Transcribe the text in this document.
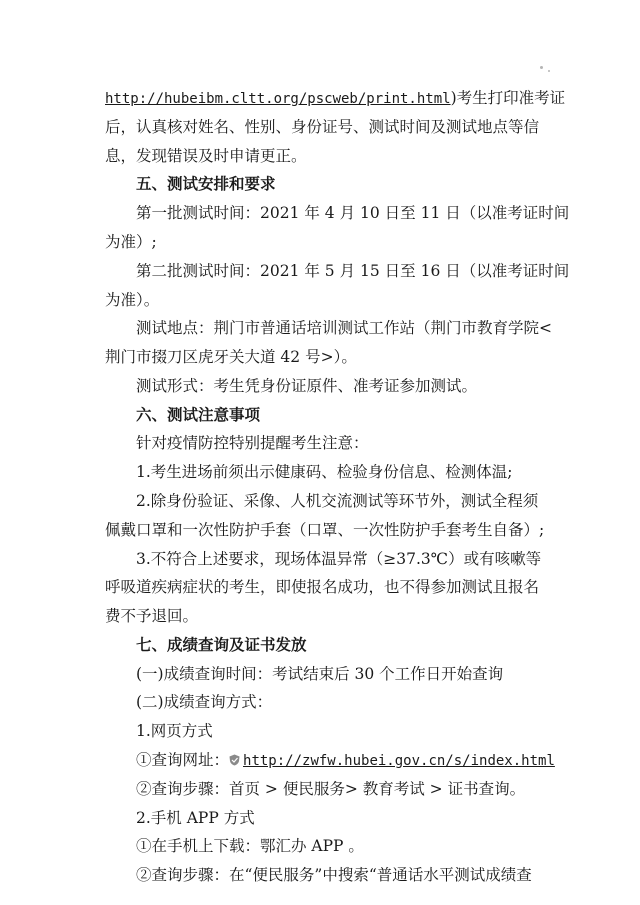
http://hubeibm.cltt.org/pscweb/print.html)考生打印准考证
后，认真核对姓名、性别、身份证号、测试时间及测试地点等信
息，发现错误及时申请更正。
五、测试安排和要求
第一批测试时间：2021 年 4 月 10 日至 11 日（以准考证时间
为准）;
第二批测试时间：2021 年 5 月 15 日至 16 日（以准考证时间
为准）。
测试地点：荆门市普通话培训测试工作站（荆门市教育学院<
荆门市掇刀区虎牙关大道 42 号>）。
测试形式：考生凭身份证原件、准考证参加测试。
六、测试注意事项
针对疫情防控特别提醒考生注意：
1.考生进场前须出示健康码、检验身份信息、检测体温;
2.除身份验证、采像、人机交流测试等环节外，测试全程须
佩戴口罩和一次性防护手套（口罩、一次性防护手套考生自备）;
3.不符合上述要求，现场体温异常（≥37.3℃）或有咳嗽等
呼吸道疾病症状的考生，即使报名成功，也不得参加测试且报名
费不予退回。
七、成绩查询及证书发放
(一)成绩查询时间：考试结束后 30 个工作日开始查询
(二)成绩查询方式：
1.网页方式
①查询网址： http://zwfw.hubei.gov.cn/s/index.html
②查询步骤：首页 > 便民服务> 教育考试 > 证书查询。
2.手机 APP 方式
①在手机上下载：鄂汇办 APP 。
②查询步骤：在“便民服务”中搜索“普通话水平测试成绩查
